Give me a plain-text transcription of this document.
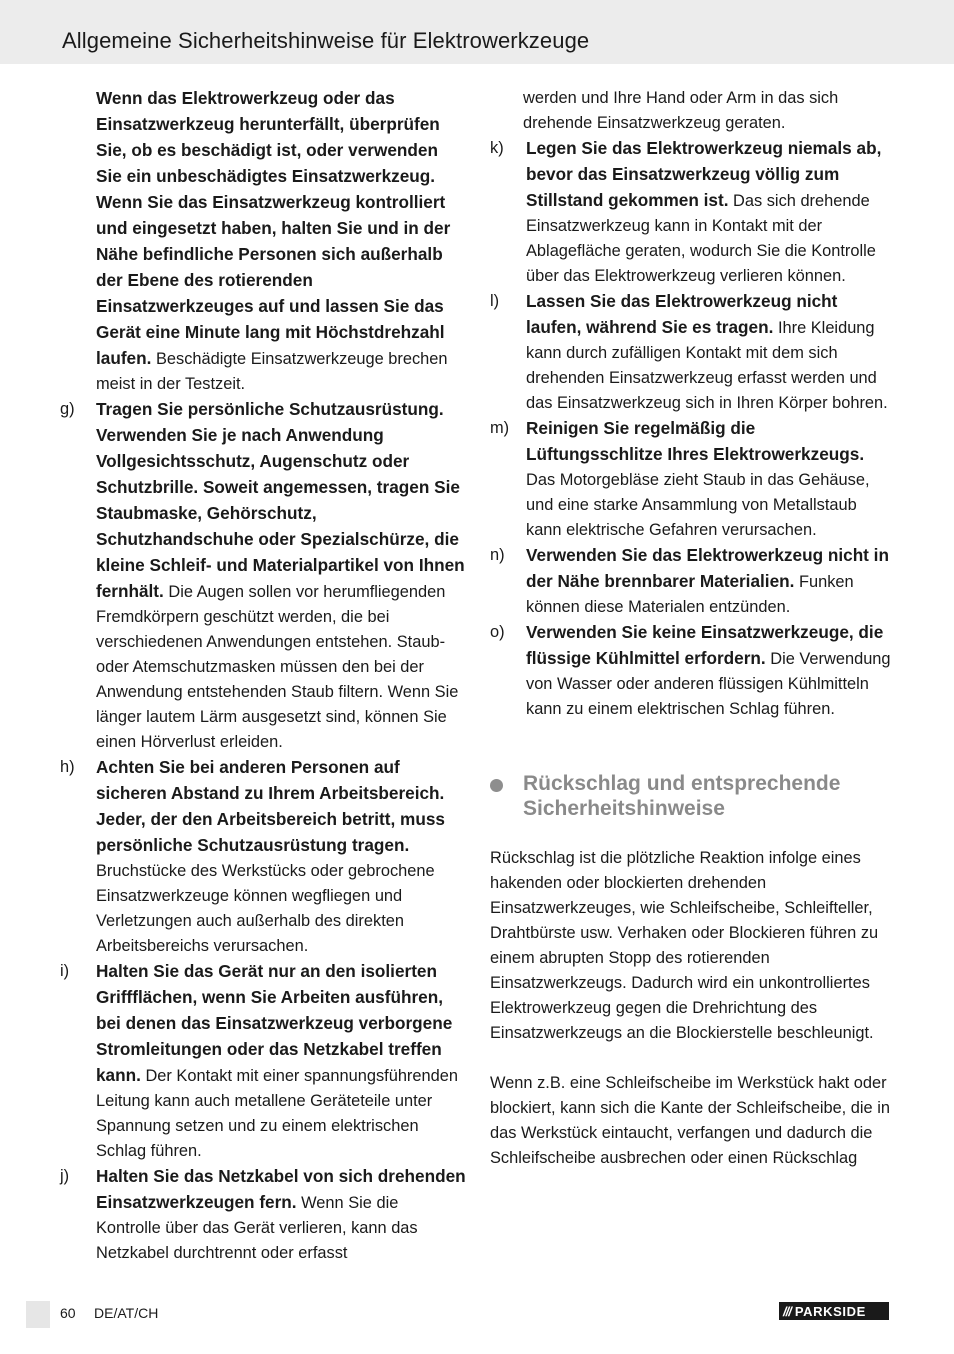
Allgemeine Sicherheitshinweise für Elektrowerkzeuge
Wenn das Elektrowerkzeug oder das Einsatzwerkzeug herunterfällt, überprüfen Sie, ob es beschädigt ist, oder verwenden Sie ein unbeschädigtes Einsatzwerkzeug. Wenn Sie das Einsatzwerkzeug kontrolliert und eingesetzt haben, halten Sie und in der Nähe befindliche Personen sich außerhalb der Ebene des rotierenden Einsatzwerkzeuges auf und lassen Sie das Gerät eine Minute lang mit Höchstdrehzahl laufen. Beschädigte Einsatzwerkzeuge brechen meist in der Testzeit.
g)	Tragen Sie persönliche Schutzausrüstung. Verwenden Sie je nach Anwendung Vollgesichtsschutz, Augenschutz oder Schutzbrille. Soweit angemessen, tragen Sie Staubmaske, Gehörschutz, Schutzhandschuhe oder Spezialschürze, die kleine Schleif- und Materialpartikel von Ihnen fernhält. Die Augen sollen vor herumfliegenden Fremdkörpern geschützt werden, die bei verschiedenen Anwendungen entstehen. Staub- oder Atemschutzmasken müssen den bei der Anwendung entstehenden Staub filtern. Wenn Sie länger lautem Lärm ausgesetzt sind, können Sie einen Hörverlust erleiden.
h)	Achten Sie bei anderen Personen auf sicheren Abstand zu Ihrem Arbeitsbereich. Jeder, der den Arbeitsbereich betritt, muss persönliche Schutzausrüstung tragen. Bruchstücke des Werkstücks oder gebrochene Einsatzwerkzeuge können wegfliegen und Verletzungen auch außerhalb des direkten Arbeitsbereichs verursachen.
i)	Halten Sie das Gerät nur an den isolierten Griffflächen, wenn Sie Arbeiten ausführen, bei denen das Einsatzwerkzeug verborgene Stromleitungen oder das Netzkabel treffen kann. Der Kontakt mit einer spannungsführenden Leitung kann auch metallene Geräteteile unter Spannung setzen und zu einem elektrischen Schlag führen.
j)	Halten Sie das Netzkabel von sich drehenden Einsatzwerkzeugen fern. Wenn Sie die Kontrolle über das Gerät verlieren, kann das Netzkabel durchtrennt oder erfasst
werden und Ihre Hand oder Arm in das sich drehende Einsatzwerkzeug geraten.
k)	Legen Sie das Elektrowerkzeug niemals ab, bevor das Einsatzwerkzeug völlig zum Stillstand gekommen ist. Das sich drehende Einsatzwerkzeug kann in Kontakt mit der Ablagefläche geraten, wodurch Sie die Kontrolle über das Elektrowerkzeug verlieren können.
l)	Lassen Sie das Elektrowerkzeug nicht laufen, während Sie es tragen. Ihre Kleidung kann durch zufälligen Kontakt mit dem sich drehenden Einsatzwerkzeug erfasst werden und das Einsatzwerkzeug sich in Ihren Körper bohren.
m) Reinigen Sie regelmäßig die Lüftungsschlitze Ihres Elektrowerkzeugs. Das Motorgebläse zieht Staub in das Gehäuse, und eine starke Ansammlung von Metallstaub kann elektrische Gefahren verursachen.
n)	Verwenden Sie das Elektrowerkzeug nicht in der Nähe brennbarer Materialien. Funken können diese Materialen entzünden.
o)	Verwenden Sie keine Einsatzwerkzeuge, die flüssige Kühlmittel erfordern. Die Verwendung von Wasser oder anderen flüssigen Kühlmitteln kann zu einem elektrischen Schlag führen.
Rückschlag und entsprechende Sicherheitshinweise
Rückschlag ist die plötzliche Reaktion infolge eines hakenden oder blockierten drehenden Einsatzwerkzeuges, wie Schleifscheibe, Schleifteller, Drahtbürste usw. Verhaken oder Blockieren führen zu einem abrupten Stopp des rotierenden Einsatzwerkzeugs. Dadurch wird ein unkontrolliertes Elektrowerkzeug gegen die Drehrichtung des Einsatzwerkzeugs an die Blockierstelle beschleunigt.
Wenn z.B. eine Schleifscheibe im Werkstück hakt oder blockiert, kann sich die Kante der Schleifscheibe, die in das Werkstück eintaucht, verfangen und dadurch die Schleifscheibe ausbrechen oder einen Rückschlag
60 DE/AT/CH	/// PARKSIDE
